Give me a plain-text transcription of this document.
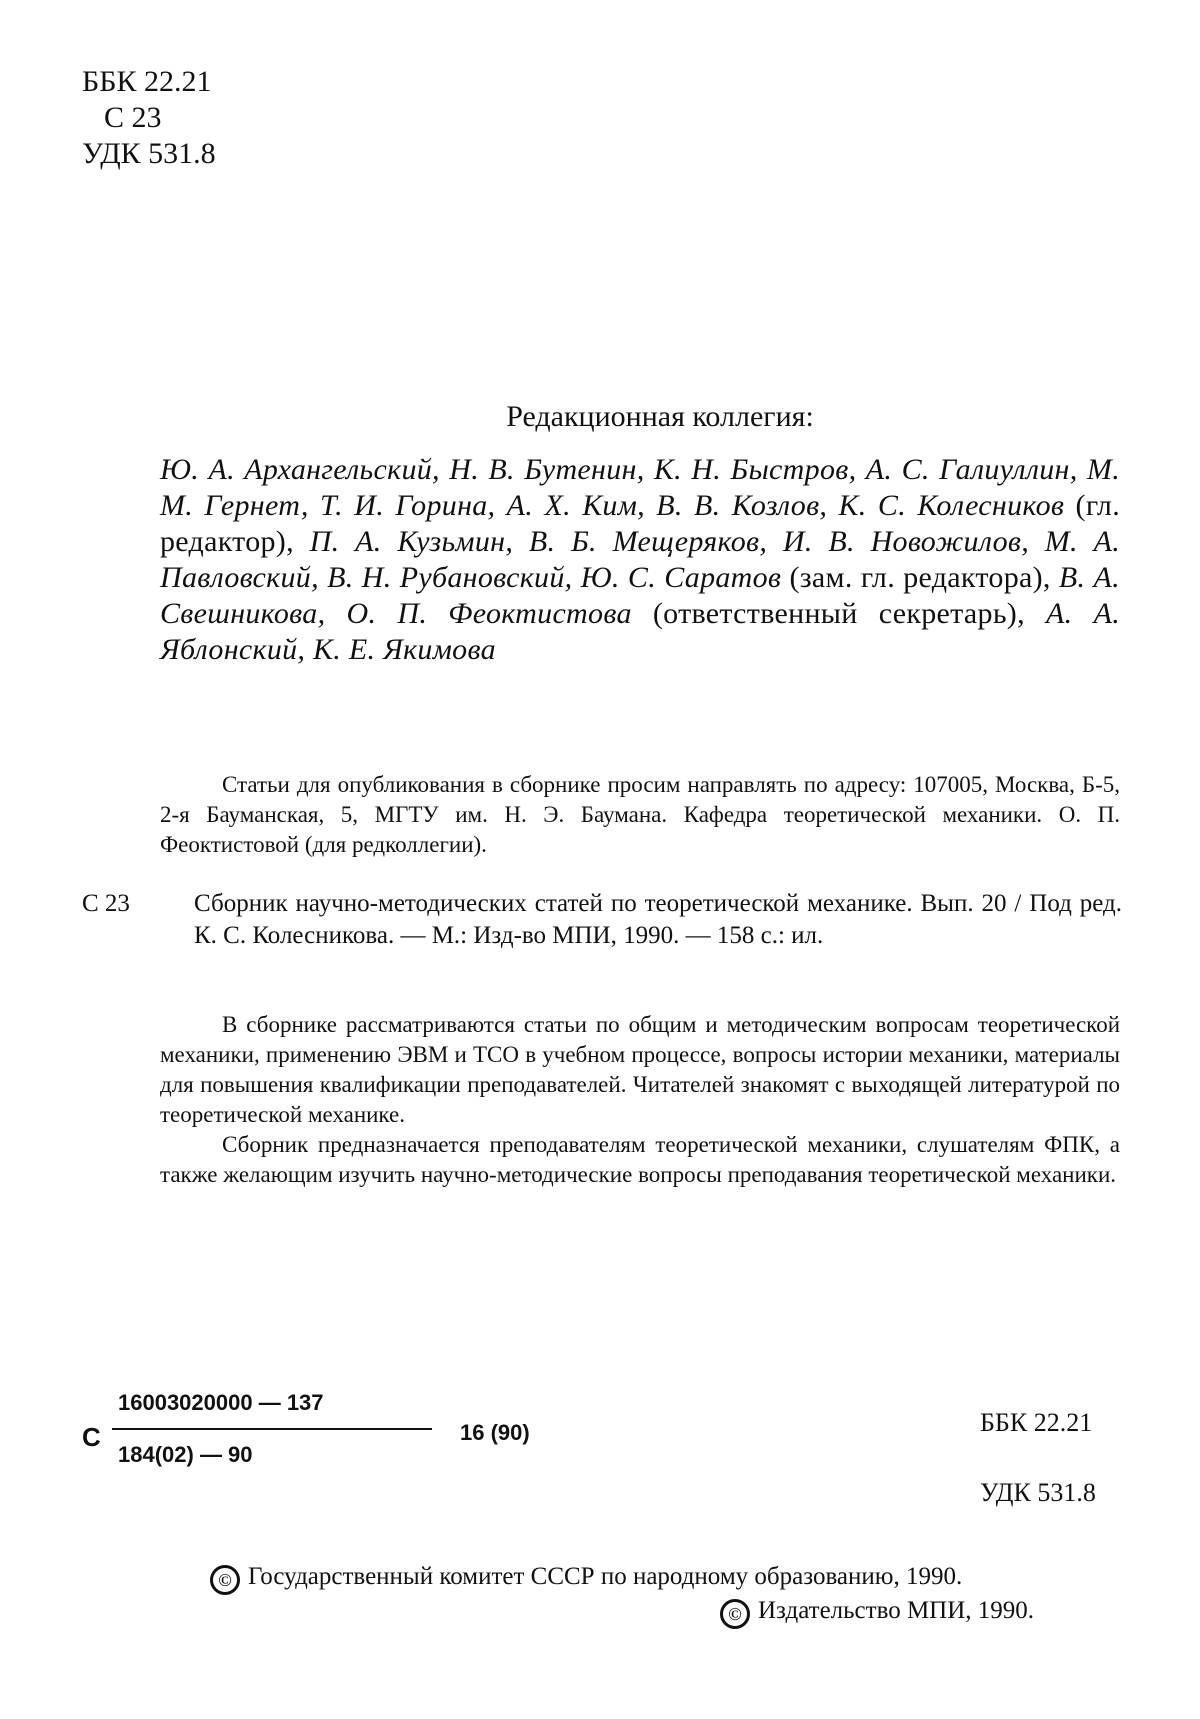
ББК 22.21
С 23
УДК 531.8
Редакционная коллегия:
Ю. А. Архангельский, Н. В. Бутенин, К. Н. Быстров, А. С. Галиуллин, М. М. Гернет, Т. И. Горина, А. Х. Ким, В. В. Козлов, К. С. Колесников (гл. редактор), П. А. Кузьмин, В. Б. Мещеряков, И. В. Новожилов, М. А. Павловский, В. Н. Рубановский, Ю. С. Саратов (зам. гл. редактора), В. А. Свешникова, О. П. Феоктистова (ответственный секретарь), А. А. Яблонский, К. Е. Якимова
Статьи для опубликования в сборнике просим направлять по адресу: 107005, Москва, Б-5, 2-я Бауманская, 5, МГТУ им. Н. Э. Баумана. Кафедра теоретической механики. О. П. Феоктистовой (для редколлегии).
С 23	Сборник научно-методических статей по теоретической механике. Вып. 20 / Под ред. К. С. Колесникова. — М.: Изд-во МПИ, 1990. — 158 с.: ил.

В сборнике рассматриваются статьи по общим и методическим вопросам теоретической механики, применению ЭВМ и ТСО в учебном процессе, вопросы истории механики, материалы для повышения квалификации преподавателей. Читателей знакомят с выходящей литературой по теоретической механике.

Сборник предназначается преподавателям теоретической механики, слушателям ФПК, а также желающим изучить научно-методические вопросы преподавания теоретической механики.

С
16003020000 — 137
184(02) — 90
16 (90)	ББК 22.21
УДК 531.8
© Государственный комитет СССР по народному образованию, 1990.
© Издательство МПИ, 1990.
